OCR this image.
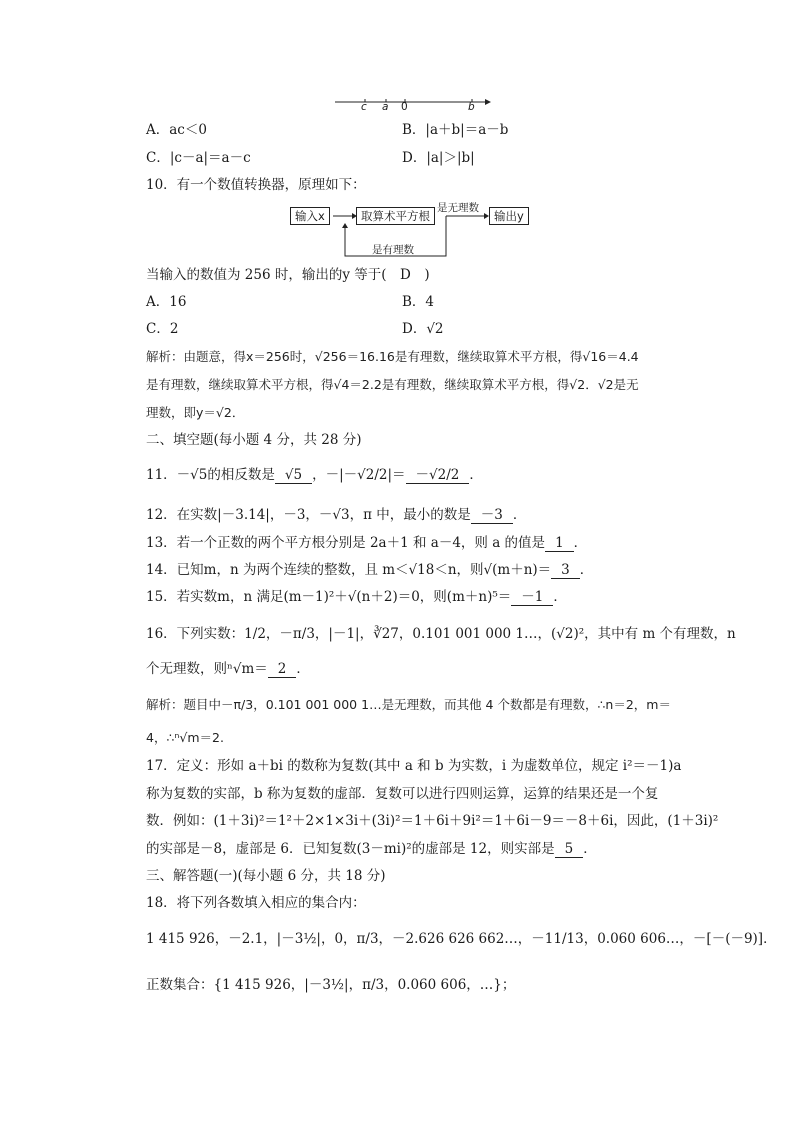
c a 0	b
A．ac＜0	B．|a＋b|＝a－b
C．|c－a|＝a－c	D．|a|＞|b|
10．有一个数值转换器，原理如下：
输入x	取算术平方根	输出y
是无理数
是有理数
当输入的数值为 256 时，输出的y 等于(　D　)
A．16	B．4
C．2	D．√2
解析：由题意，得x＝256时，√256＝16.16是有理数，继续取算术平方根，得√16＝4.4
是有理数，继续取算术平方根，得√4＝2.2是有理数，继续取算术平方根，得√2．√2是无
理数，即y＝√2．
二、填空题(每小题 4 分，共 28 分)
11．－√5的相反数是 √5 ，－|－√2/2|＝ －√2/2 ．
12．在实数|－3.14|，－3，－√3，π 中，最小的数是 －3 ．
13．若一个正数的两个平方根分别是 2a＋1 和 a－4，则 a 的值是 1 ．
14．已知m，n 为两个连续的整数，且 m＜√18＜n，则√(m＋n)＝ 3 ．
15．若实数m，n 满足(m－1)²＋√(n＋2)＝0，则(m＋n)⁵＝ －1 ．
16．下列实数：1/2，－π/3，|－1|，∛27，0.101 001 000 1…，(√2)²，其中有 m 个有理数，n
个无理数，则ⁿ√m＝ 2 ．
解析：题目中－π/3，0.101 001 000 1…是无理数，而其他 4 个数都是有理数，∴n＝2，m＝
4，∴ⁿ√m＝2.
17．定义：形如 a＋bi 的数称为复数(其中 a 和 b 为实数，i 为虚数单位，规定 i²＝－1)a
称为复数的实部，b 称为复数的虚部．复数可以进行四则运算，运算的结果还是一个复
数．例如：(1＋3i)²＝1²＋2×1×3i＋(3i)²＝1＋6i＋9i²＝1＋6i－9＝－8＋6i，因此，(1＋3i)²
的实部是－8，虚部是 6．已知复数(3－mi)²的虚部是 12，则实部是 5 ．
三、解答题(一)(每小题 6 分，共 18 分)
18．将下列各数填入相应的集合内：
1 415 926，－2.1，|－3½|，0，π/3，－2.626 626 662…，－11/13，0.060 606…，－[－(－9)]．
正数集合：{1 415 926，|－3½|，π/3，0.060 606，…}；
